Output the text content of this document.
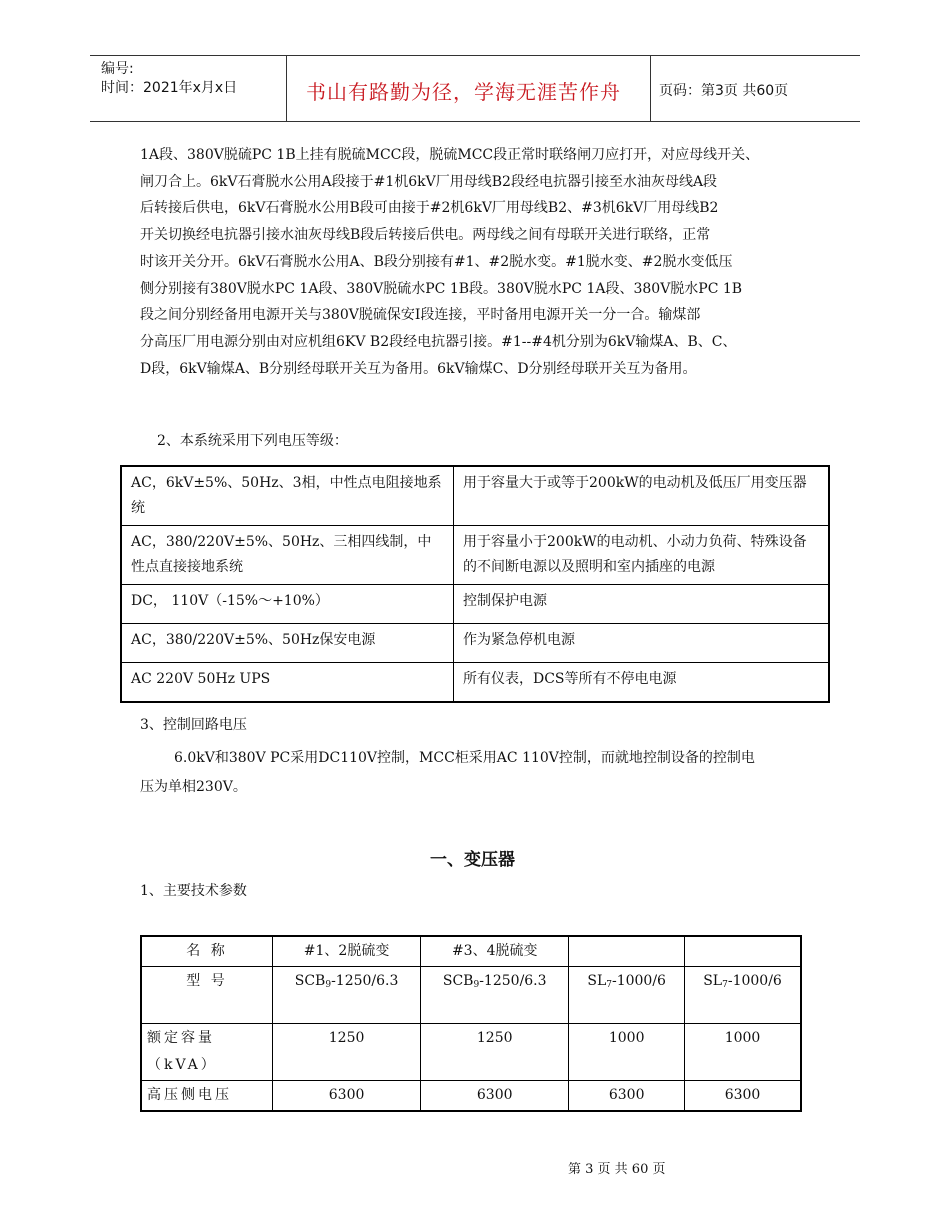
编号:
时间：2021年x月x日	书山有路勤为径，学海无涯苦作舟	页码：第3页 共60页
1A段、380V脱硫PC 1B上挂有脱硫MCC段，脱硫MCC段正常时联络闸刀应打开，对应母线开关、
闸刀合上。6kV石膏脱水公用A段接于#1机6kV厂用母线B2段经电抗器引接至水油灰母线A段
后转接后供电，6kV石膏脱水公用B段可由接于#2机6kV厂用母线B2、#3机6kV厂用母线B2
开关切换经电抗器引接水油灰母线B段后转接后供电。两母线之间有母联开关进行联络，正常
时该开关分开。6kV石膏脱水公用A、B段分别接有#1、#2脱水变。#1脱水变、#2脱水变低压
侧分别接有380V脱水PC 1A段、380V脱硫水PC 1B段。380V脱水PC 1A段、380V脱水PC 1B
段之间分别经备用电源开关与380V脱硫保安Ⅰ段连接，平时备用电源开关一分一合。输煤部
分高压厂用电源分别由对应机组6KV B2段经电抗器引接。#1--#4机分别为6kV输煤A、B、C、
D段，6kV输煤A、B分别经母联开关互为备用。6kV输煤C、D分别经母联开关互为备用。
2、本系统采用下列电压等级：
AC，6kV±5%、50Hz、3相，中性点电阻接地系统	用于容量大于或等于200kW的电动机及低压厂用变压器
AC，380/220V±5%、50Hz、三相四线制，中性点直接接地系统	用于容量小于200kW的电动机、小动力负荷、特殊设备的不间断电源以及照明和室内插座的电源
DC， 110V（-15%～+10%）	控制保护电源
AC，380/220V±5%、50Hz保安电源	作为紧急停机电源
AC 220V 50Hz UPS	所有仪表，DCS等所有不停电电源
3、控制回路电压
6.0kV和380V PC采用DC110V控制，MCC柜采用AC 110V控制，而就地控制设备的控制电
压为单相230V。
一、变压器
1、主要技术参数
名 称	#1、2脱硫变	#3、4脱硫变		
型 号	$SCB_9-1250/6.3$	$SCB_9-1250/6.3$	$SL_7-1000/6$	$SL_7-1000/6$
额定容量（kVA）	1250	1250	1000	1000
高压侧电压	6300	6300	6300	6300
第 3 页 共 60 页
